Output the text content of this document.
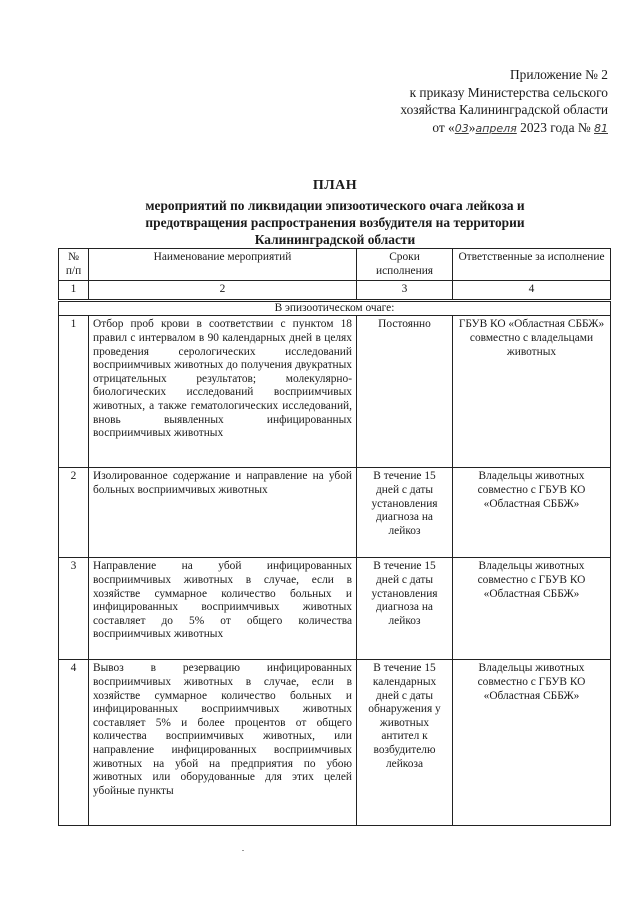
Приложение № 2
к приказу Министерства сельского
хозяйства Калининградской области
от «03»апреля 2023 года № 81
ПЛАН
мероприятий по ликвидации эпизоотического очага лейкоза и
предотвращения распространения возбудителя на территории
Калининградской области
№ п/п	Наименование мероприятий	Сроки исполнения	Ответственные за исполнение
1	2	3	4
В эпизоотическом очаге:			
1	Отбор проб крови в соответствии с пунктом 18 правил с интервалом в 90 календарных дней в целях проведения серологических исследований восприимчивых животных до получения двукратных отрицательных результатов; молекулярно-биологических исследований восприимчивых животных, а также гематологических исследований, вновь выявленных инфицированных восприимчивых животных	Постоянно	ГБУВ КО «Областная СББЖ» совместно с владельцами животных
2	Изолированное содержание и направление на убой больных восприимчивых животных	В течение 15 дней с даты установления диагноза на лейкоз	Владельцы животных совместно с ГБУВ КО «Областная СББЖ»
3	Направление на убой инфицированных восприимчивых животных в случае, если в хозяйстве суммарное количество больных и инфицированных восприимчивых животных составляет до 5% от общего количества восприимчивых животных	В течение 15 дней с даты установления диагноза на лейкоз	Владельцы животных совместно с ГБУВ КО «Областная СББЖ»
4	Вывоз в резервацию инфицированных восприимчивых животных в случае, если в хозяйстве суммарное количество больных и инфицированных восприимчивых животных составляет 5% и более процентов от общего количества восприимчивых животных, или направление инфицированных восприимчивых животных на убой на предприятия по убою животных или оборудованные для этих целей убойные пункты	В течение 15 календарных дней с даты обнаружения у животных антител к возбудителю лейкоза	Владельцы животных совместно с ГБУВ КО «Областная СББЖ»
